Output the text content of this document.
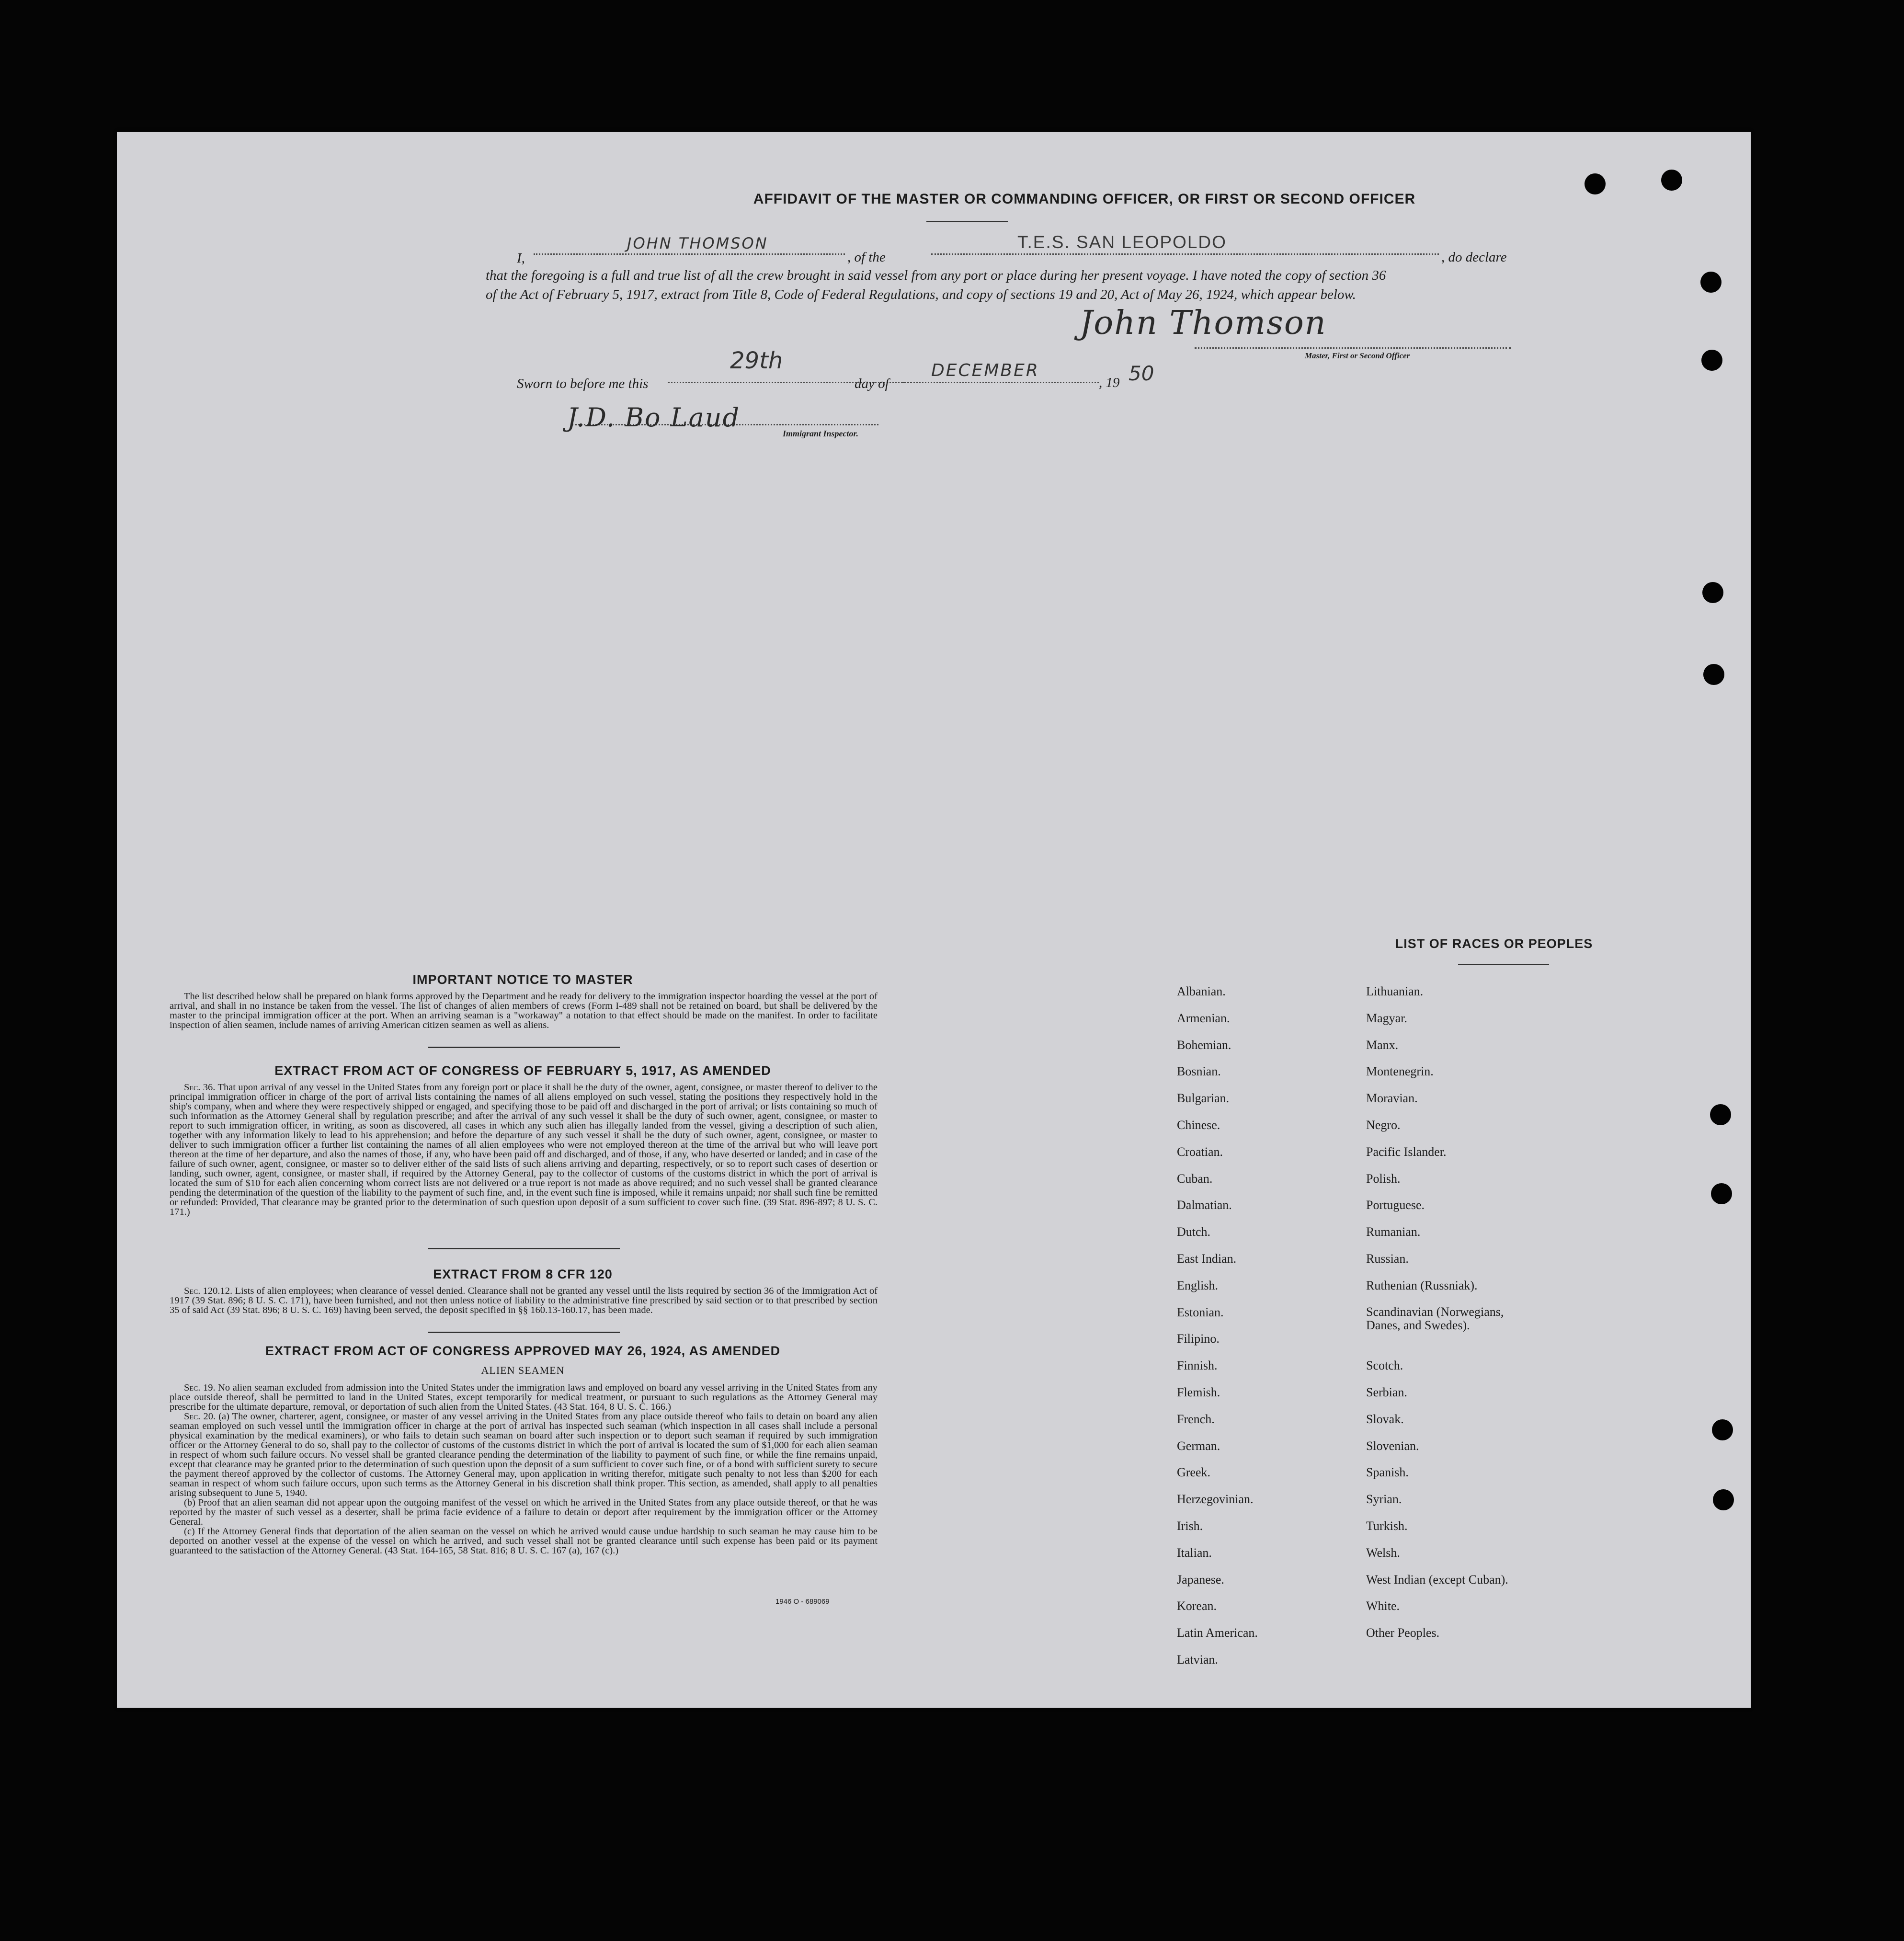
AFFIDAVIT OF THE MASTER OR COMMANDING OFFICER, OR FIRST OR SECOND OFFICER
I,
JOHN THOMSON
, of the
T.E.S. SAN LEOPOLDO
, do declare
that the foregoing is a full and true list of all the crew brought in said vessel from any port or place during her present voyage. I have noted the copy of section 36 of the Act of February 5, 1917, extract from Title 8, Code of Federal Regulations, and copy of sections 19 and 20, Act of May 26, 1924, which appear below.
John Thomson
Master, First or Second Officer
Sworn to before me this
29th
day of
DECEMBER
, 19 50
J.D. Bo Laud
Immigrant Inspector.
IMPORTANT NOTICE TO MASTER

The list described below shall be prepared on blank forms approved by the Department and be ready for delivery to the immigration inspector boarding the vessel at the port of arrival, and shall in no instance be taken from the vessel. The list of changes of alien members of crews (Form I-489 shall not be retained on board, but shall be delivered by the master to the principal immigration officer at the port. When an arriving seaman is a "workaway" a notation to that effect should be made on the manifest. In order to facilitate inspection of alien seamen, include names of arriving American citizen seamen as well as aliens.

EXTRACT FROM ACT OF CONGRESS OF FEBRUARY 5, 1917, AS AMENDED

Sec. 36. That upon arrival of any vessel in the United States from any foreign port or place it shall be the duty of the owner, agent, consignee, or master thereof to deliver to the principal immigration officer in charge of the port of arrival lists containing the names of all aliens employed on such vessel, stating the positions they respectively hold in the ship's company, when and where they were respectively shipped or engaged, and specifying those to be paid off and discharged in the port of arrival; or lists containing so much of such information as the Attorney General shall by regulation prescribe; and after the arrival of any such vessel it shall be the duty of such owner, agent, consignee, or master to report to such immigration officer, in writing, as soon as discovered, all cases in which any such alien has illegally landed from the vessel, giving a description of such alien, together with any information likely to lead to his apprehension; and before the departure of any such vessel it shall be the duty of such owner, agent, consignee, or master to deliver to such immigration officer a further list containing the names of all alien employees who were not employed thereon at the time of the arrival but who will leave port thereon at the time of her departure, and also the names of those, if any, who have been paid off and discharged, and of those, if any, who have deserted or landed; and in case of the failure of such owner, agent, consignee, or master so to deliver either of the said lists of such aliens arriving and departing, respectively, or so to report such cases of desertion or landing, such owner, agent, consignee, or master shall, if required by the Attorney General, pay to the collector of customs of the customs district in which the port of arrival is located the sum of $10 for each alien concerning whom correct lists are not delivered or a true report is not made as above required; and no such vessel shall be granted clearance pending the determination of the question of the liability to the payment of such fine, and, in the event such fine is imposed, while it remains unpaid; nor shall such fine be remitted or refunded: Provided, That clearance may be granted prior to the determination of such question upon deposit of a sum sufficient to cover such fine. (39 Stat. 896-897; 8 U. S. C. 171.)

EXTRACT FROM 8 CFR 120

Sec. 120.12. Lists of alien employees; when clearance of vessel denied. Clearance shall not be granted any vessel until the lists required by section 36 of the Immigration Act of 1917 (39 Stat. 896; 8 U. S. C. 171), have been furnished, and not then unless notice of liability to the administrative fine prescribed by said section or to that prescribed by section 35 of said Act (39 Stat. 896; 8 U. S. C. 169) having been served, the deposit specified in §§ 160.13-160.17, has been made.

EXTRACT FROM ACT OF CONGRESS APPROVED MAY 26, 1924, AS AMENDED
ALIEN SEAMEN

Sec. 19. No alien seaman excluded from admission into the United States under the immigration laws and employed on board any vessel arriving in the United States from any place outside thereof, shall be permitted to land in the United States, except temporarily for medical treatment, or pursuant to such regulations as the Attorney General may prescribe for the ultimate departure, removal, or deportation of such alien from the United States. (43 Stat. 164, 8 U. S. C. 166.)

Sec. 20. (a) The owner, charterer, agent, consignee, or master of any vessel arriving in the United States from any place outside thereof who fails to detain on board any alien seaman employed on such vessel until the immigration officer in charge at the port of arrival has inspected such seaman (which inspection in all cases shall include a personal physical examination by the medical examiners), or who fails to detain such seaman on board after such inspection or to deport such seaman if required by such immigration officer or the Attorney General to do so, shall pay to the collector of customs of the customs district in which the port of arrival is located the sum of $1,000 for each alien seaman in respect of whom such failure occurs. No vessel shall be granted clearance pending the determination of the liability to payment of such fine, or while the fine remains unpaid, except that clearance may be granted prior to the determination of such question upon the deposit of a sum sufficient to cover such fine, or of a bond with sufficient surety to secure the payment thereof approved by the collector of customs. The Attorney General may, upon application in writing therefor, mitigate such penalty to not less than $200 for each seaman in respect of whom such failure occurs, upon such terms as the Attorney General in his discretion shall think proper. This section, as amended, shall apply to all penalties arising subsequent to June 5, 1940.

(b) Proof that an alien seaman did not appear upon the outgoing manifest of the vessel on which he arrived in the United States from any place outside thereof, or that he was reported by the master of such vessel as a deserter, shall be prima facie evidence of a failure to detain or deport after requirement by the immigration officer or the Attorney General.

(c) If the Attorney General finds that deportation of the alien seaman on the vessel on which he arrived would cause undue hardship to such seaman he may cause him to be deported on another vessel at the expense of the vessel on which he arrived, and such vessel shall not be granted clearance until such expense has been paid or its payment guaranteed to the satisfaction of the Attorney General. (43 Stat. 164-165, 58 Stat. 816; 8 U. S. C. 167 (a), 167 (c).)

1946 O - 689069
LIST OF RACES OR PEOPLES
Albanian.
Armenian.
Bohemian.
Bosnian.
Bulgarian.
Chinese.
Croatian.
Cuban.
Dalmatian.
Dutch.
East Indian.
English.
Estonian.
Filipino.
Finnish.
Flemish.
French.
German.
Greek.
Herzegovinian.
Irish.
Italian.
Japanese.
Korean.
Latin American.
Latvian.
Lithuanian.
Magyar.
Manx.
Montenegrin.
Moravian.
Negro.
Pacific Islander.
Polish.
Portuguese.
Rumanian.
Russian.
Ruthenian (Russniak).
Scandinavian (Norwegians, Danes, and Swedes).
Scotch.
Serbian.
Slovak.
Slovenian.
Spanish.
Syrian.
Turkish.
Welsh.
West Indian (except Cuban).
White.
Other Peoples.
